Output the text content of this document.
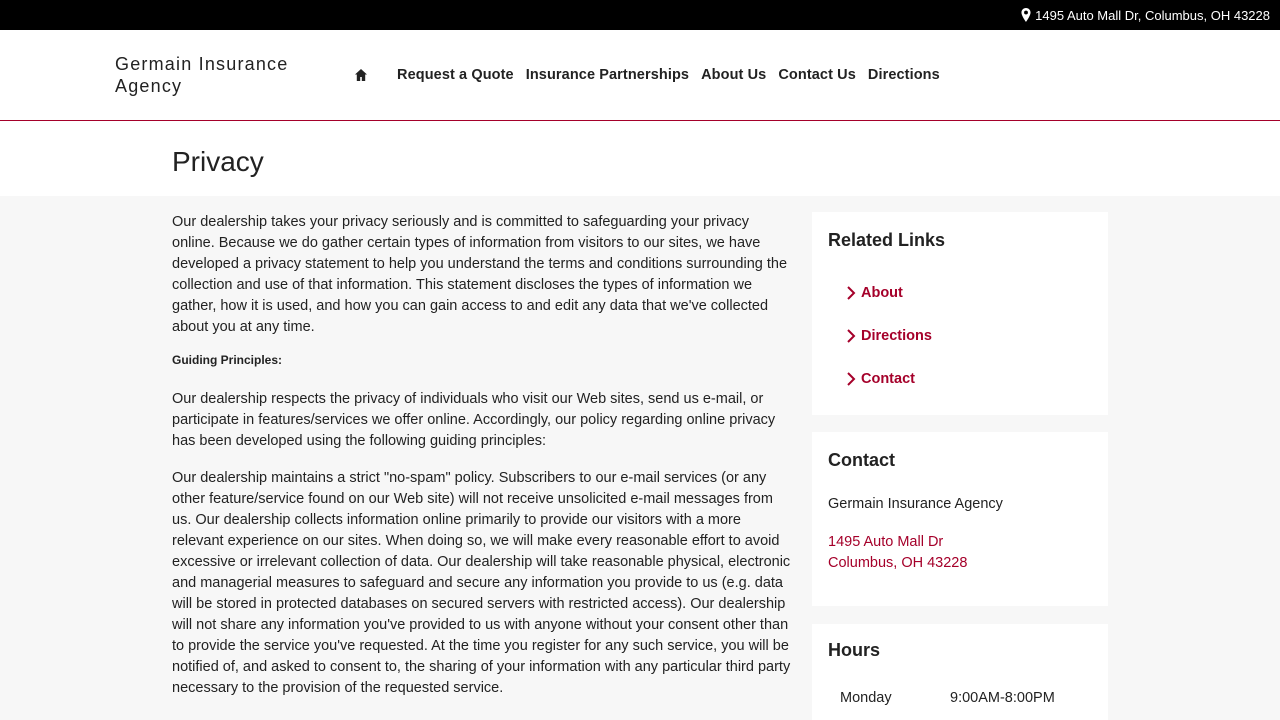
1495 Auto Mall Dr, Columbus, OH 43228
Germain Insurance Agency
Request a Quote Insurance Partnerships About Us Contact Us Directions
Privacy

Our dealership takes your privacy seriously and is committed to safeguarding your privacy online. Because we do gather certain types of information from visitors to our sites, we have developed a privacy statement to help you understand the terms and conditions surrounding the collection and use of that information. This statement discloses the types of information we gather, how it is used, and how you can gain access to and edit any data that we've collected about you at any time.

Guiding Principles:

Our dealership respects the privacy of individuals who visit our Web sites, send us e-mail, or participate in features/services we offer online. Accordingly, our policy regarding online privacy has been developed using the following guiding principles:

Our dealership maintains a strict "no-spam" policy. Subscribers to our e-mail services (or any other feature/service found on our Web site) will not receive unsolicited e-mail messages from us. Our dealership collects information online primarily to provide our visitors with a more relevant experience on our sites. When doing so, we will make every reasonable effort to avoid excessive or irrelevant collection of data. Our dealership will take reasonable physical, electronic and managerial measures to safeguard and secure any information you provide to us (e.g. data will be stored in protected databases on secured servers with restricted access). Our dealership will not share any information you've provided to us with anyone without your consent other than to provide the service you've requested. At the time you register for any such service, you will be notified of, and asked to consent to, the sharing of your information with any particular third party necessary to the provision of the requested service.

Related Links
About
Directions
Contact
Contact
Germain Insurance Agency
1495 Auto Mall Dr
Columbus, OH 43228
Hours
Monday	9:00AM-8:00PM
